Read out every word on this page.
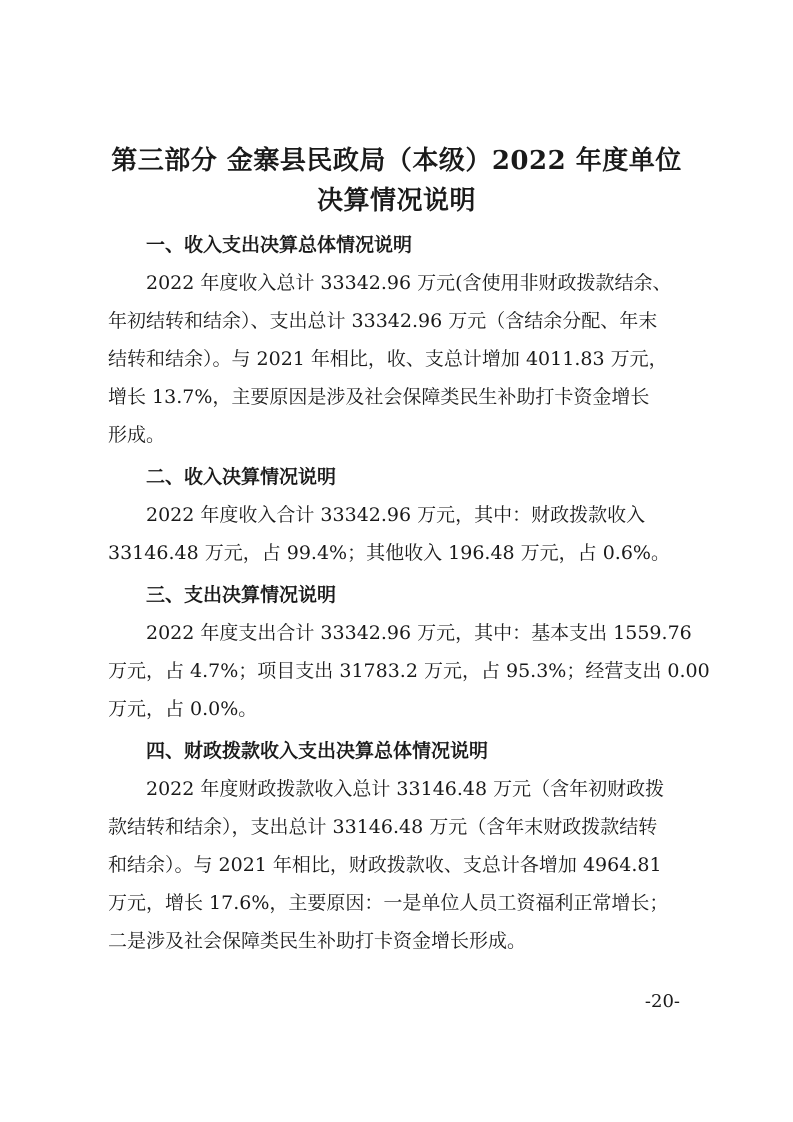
第三部分 金寨县民政局（本级）2022 年度单位
决算情况说明
一、收入支出决算总体情况说明
2022 年度收入总计 33342.96 万元(含使用非财政拨款结余、
年初结转和结余）、支出总计 33342.96 万元（含结余分配、年末
结转和结余）。与 2021 年相比，收、支总计增加 4011.83 万元，
增长 13.7%，主要原因是涉及社会保障类民生补助打卡资金增长
形成。
二、收入决算情况说明
2022 年度收入合计 33342.96 万元，其中：财政拨款收入
33146.48 万元，占 99.4%；其他收入 196.48 万元，占 0.6%。
三、支出决算情况说明
2022 年度支出合计 33342.96 万元，其中：基本支出 1559.76
万元，占 4.7%；项目支出 31783.2 万元，占 95.3%；经营支出 0.00
万元，占 0.0%。
四、财政拨款收入支出决算总体情况说明
2022 年度财政拨款收入总计 33146.48 万元（含年初财政拨
款结转和结余），支出总计 33146.48 万元（含年末财政拨款结转
和结余）。与 2021 年相比，财政拨款收、支总计各增加 4964.81
万元，增长 17.6%，主要原因：一是单位人员工资福利正常增长；
二是涉及社会保障类民生补助打卡资金增长形成。
-20-
